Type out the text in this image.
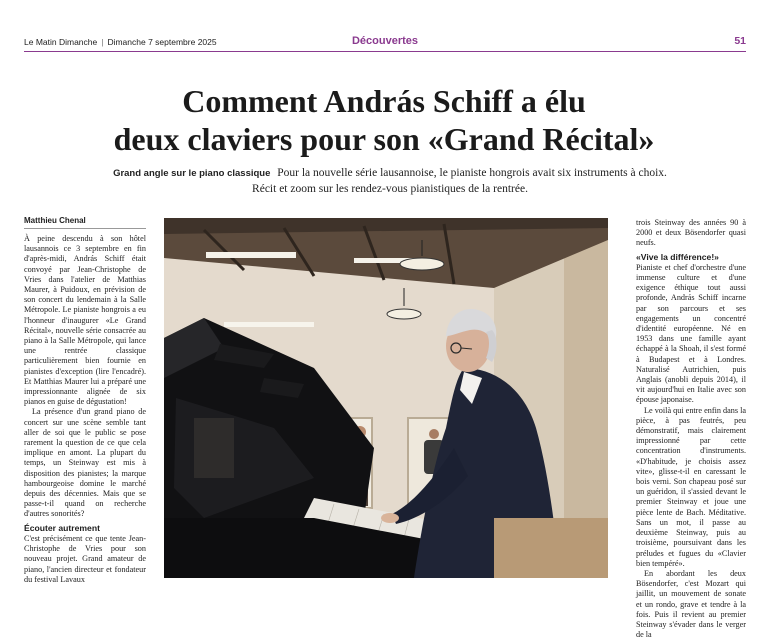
Le Matin Dimanche | Dimanche 7 septembre 2025	Découvertes	51
Comment András Schiff a élu
deux claviers pour son «Grand Récital»
Grand angle sur le piano classique Pour la nouvelle série lausannoise, le pianiste hongrois avait six instruments à choix. Récit et zoom sur les rendez-vous pianistiques de la rentrée.
Matthieu Chenal

À peine descendu à son hôtel lausannois ce 3 septembre en fin d'après-midi, András Schiff était convoyé par Jean-Christophe de Vries dans l'atelier de Matthias Maurer, à Puidoux, en prévision de son concert du lendemain à la Salle Métropole. Le pianiste hongrois a eu l'honneur d'inaugurer «Le Grand Récital», nouvelle série consacrée au piano à la Salle Métropole, qui lance une rentrée classique particulièrement bien fournie en pianistes d'exception (lire l'encadré). Et Matthias Maurer lui a préparé une impressionnante alignée de six pianos en guise de dégustation!

La présence d'un grand piano de concert sur une scène semble tant aller de soi que le public se pose rarement la question de ce que cela implique en amont. La plupart du temps, un Steinway est mis à disposition des pianistes; la marque hambourgeoise domine le marché depuis des décennies. Mais que se passe-t-il quand on recherche d'autres sonorités?

Écouter autrement

C'est précisément ce que tente Jean-Christophe de Vries pour son nouveau projet. Grand amateur de piano, l'ancien directeur et fondateur du festival Lavaux

trois Steinway des années 90 à 2000 et deux Bösendorfer quasi neufs.

«Vive la différence!»

Pianiste et chef d'orchestre d'une immense culture et d'une exigence éthique tout aussi profonde, András Schiff incarne par son parcours et ses engagements un concentré d'identité européenne. Né en 1953 dans une famille ayant échappé à la Shoah, il s'est formé à Budapest et à Londres. Naturalisé Autrichien, puis Anglais (anobli depuis 2014), il vit aujourd'hui en Italie avec son épouse japonaise.

Le voilà qui entre enfin dans la pièce, à pas feutrés, peu démonstratif, mais clairement impressionné par cette concentration d'instruments. «D'habitude, je choisis assez vite», glisse-t-il en caressant le bois verni. Son chapeau posé sur un guéridon, il s'assied devant le premier Steinway et joue une pièce lente de Bach. Méditative. Sans un mot, il passe au deuxième Steinway, puis au troisième, poursuivant dans les préludes et fugues du «Clavier bien tempéré».

En abordant les deux Bösendorfer, c'est Mozart qui jaillit, un mouvement de sonate et un rondo, grave et tendre à la fois. Puis il revient au premier Steinway s'évader dans le verger de la
